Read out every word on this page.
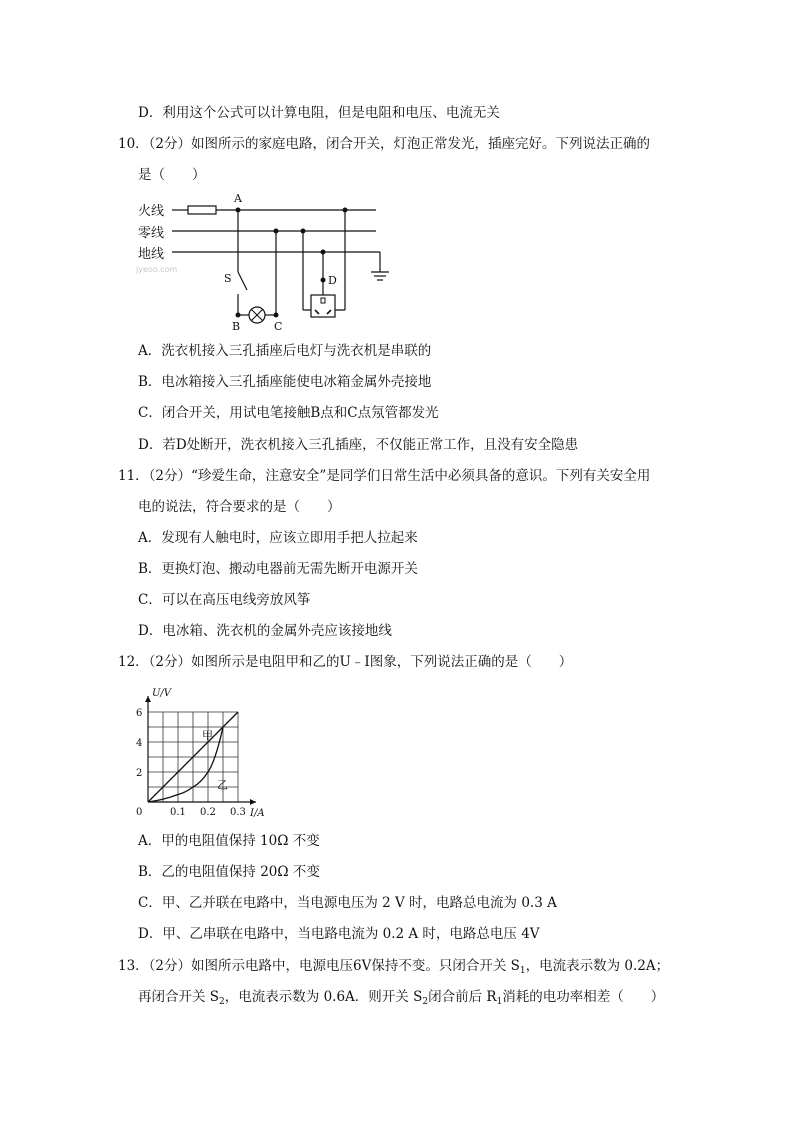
D．利用这个公式可以计算电阻，但是电阻和电压、电流无关
10．（2分）如图所示的家庭电路，闭合开关，灯泡正常发光，插座完好。下列说法正确的
是（　　）
火线
零线
地线
jyeoo.com
A
S
B	C
D
A．洗衣机接入三孔插座后电灯与洗衣机是串联的
B．电冰箱接入三孔插座能使电冰箱金属外壳接地
C．闭合开关，用试电笔接触B点和C点氖管都发光
D．若D处断开，洗衣机接入三孔插座，不仅能正常工作，且没有安全隐患
11．（2分）“珍爱生命，注意安全”是同学们日常生活中必须具备的意识。下列有关安全用
电的说法，符合要求的是（　　）
A．发现有人触电时，应该立即用手把人拉起来
B．更换灯泡、搬动电器前无需先断开电源开关
C．可以在高压电线旁放风筝
D．电冰箱、洗衣机的金属外壳应该接地线
12．（2分）如图所示是电阻甲和乙的U﹣I图象，下列说法正确的是（　　）
0.1 0.2 0.3
2
4
6
0	I/A
U/V
甲
乙
A．甲的电阻值保持 10Ω 不变
B．乙的电阻值保持 20Ω 不变
C．甲、乙并联在电路中，当电源电压为 2 V 时，电路总电流为 0.3 A
D．甲、乙串联在电路中，当电路电流为 0.2 A 时，电路总电压 4V
13．（2分）如图所示电路中，电源电压6V保持不变。只闭合开关 $S_1$，电流表示数为 0.2A；
再闭合开关 $S_2$，电流表示数为 0.6A．则开关 $S_2$闭合前后 $R_1$消耗的电功率相差（　　）
